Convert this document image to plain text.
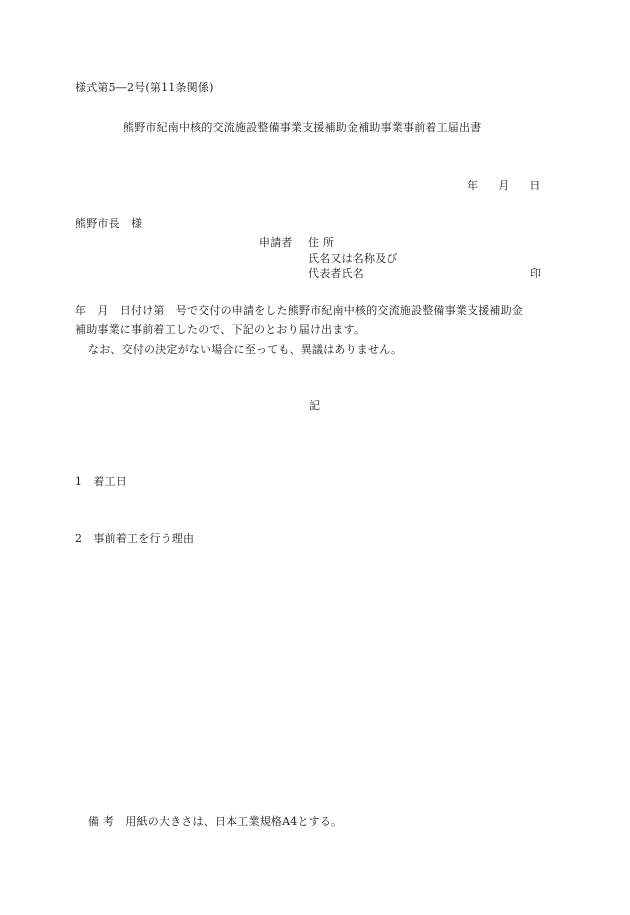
様式第5―2号(第11条関係)
熊野市紀南中核的交流施設整備事業支援補助金補助事業事前着工届出書
年 月 日
熊野市長　様
申請者 住 所
氏名又は名称及び
代表者氏名	印
年　月　日付け第　号で交付の申請をした熊野市紀南中核的交流施設整備事業支援補助金
補助事業に事前着工したので、下記のとおり届け出ます。
なお、交付の決定がない場合に至っても、異議はありません。
記
1　着工日
2　事前着工を行う理由
備 考　用紙の大きさは、日本工業規格A4とする。
